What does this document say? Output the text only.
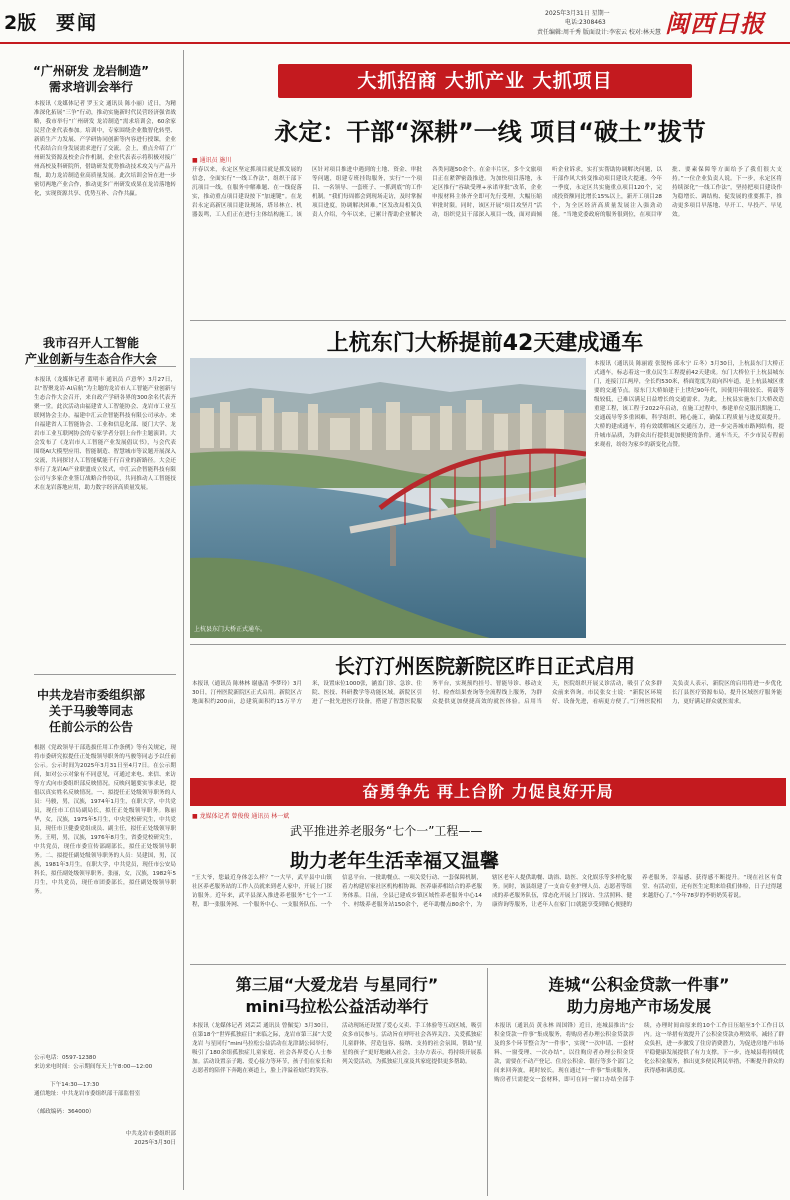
2版 要闻	2025年3月31日 星期一
电话:2308463
责任编辑:周千秀 版面设计:李宏云 校对:林天慧 闽西日报
“广州研发 龙岩制造”
需求培训会举行
本报讯（龙媒体记者 罗玉文 通讯员 陈小丽）近日，为精准深化拓展“三争”行动，推动实施新时代民营经济强省战略，我市举行“广州研发 龙岩制造”需求培训会，60余家民营企业代表参加。培训中，专家围绕企业数智化转型、新质生产力发展、产学研协同创新等内容进行授课，企业代表结合自身发展需求进行了交流。会上，重点介绍了广州研发资源及校企合作机制，企业代表表示将积极对接广州高校及科研院所，借助研发优势推动技术攻关与产品升级，助力龙岩制造业高质量发展。此次培训会旨在进一步密切两地产业合作，推动更多广州研发成果在龙岩落地转化，实现资源共享、优势互补、合作共赢。
我市召开人工智能
产业创新与生态合作大会
本报讯（龙媒体记者 蓝明丰 通讯员 卢意华）3月27日，以“智聚龙岩·AI启航”为主题的龙岩市人工智能产业创新与生态合作大会召开，来自政产学研各界的300余名代表齐聚一堂。此次活动由福建省人工智能协会、龙岩市工业互联网协会主办，福建中汇云企智能科技有限公司承办。来自福建省人工智能协会、工业和信息化部、厦门大学、龙岩市工业互联网协会的专家学者分别上台作主题演讲。大会发布了《龙岩市人工智能产业发展倡议书》，与会代表围绕AI大模型应用、智能制造、智慧城市等议题开展深入交流，共同探讨人工智能赋能千行百业的新路径。大会还举行了龙岩AI产业联盟成立仪式，中汇云企智能科技有限公司与多家企业签订战略合作协议，共同推动人工智能技术在龙岩落地应用，助力数字经济高质量发展。
中共龙岩市委组织部
关于马骏等同志
任前公示的公告
根据《党政领导干部选拔任用工作条例》等有关规定，现将市委研究拟提任正处级领导职务的马骏等同志予以任前公示。公示时间为2025年3月31日至4月7日。在公示期间，如对公示对象有不同意见，可通过来电、来信、来访等方式向市委组织部反映情况。反映问题要实事求是，提倡以真实姓名反映情况。一、拟提任正处级领导职务的人员：马骏，男，汉族，1974年1月生，在职大学，中共党员，现任市工信局副局长，拟任正处级领导职务。陈丽华，女，汉族，1975年5月生，中央党校研究生，中共党员，现任市卫健委党组成员、副主任，拟任正处级领导职务。王明，男，汉族，1976年8月生，省委党校研究生，中共党员，现任市委宣传部副部长，拟任正处级领导职务。二、拟提任副处级领导职务的人员：吴建国，男，汉族，1981年3月生，在职大学，中共党员，现任市公安局科长，拟任副处级领导职务。张丽，女，汉族，1982年5月生，中共党员，现任市团委部长，拟任副处级领导职务。
公示电话：0597-12380
来访来电时间：公示期间每天上午8:00—12:00
下午14:30—17:30
通信地址：中共龙岩市委组织部干部监督室
（邮政编码：364000）
中共龙岩市委组织部
2025年3月30日
大抓招商 大抓产业 大抓项目
永定：干部“深耕”一线 项目“破土”拔节
■ 通讯员 施川
开春以来，永定区坚定抓项目就是抓发展的信念，全面实行“一线工作法”，组织干部下沉项目一线，在服务中解难题、在一线促落实，推动重点项目建设按下“加速键”。在龙岩永定高新区项目建设现场，塔吊林立、机器轰鸣，工人们正在进行主体结构施工。该区针对项目推进中遇到的土地、资金、审批等问题，组建专班挂钩服务，实行“一个项目、一名领导、一套班子、一抓到底”的工作机制。“我们每周都会到现场走访，及时掌握项目进度，协调解决困难。”区发改局相关负责人介绍，今年以来，已累计帮助企业解决各类问题50余个。在金丰片区，多个文旅项目正在紧锣密鼓推进。为加快项目落地，永定区推行“容缺受理+承诺审批”改革，企业申报材料主体齐全即可先行受理，大幅压缩审批时限。同时，该区开展“项目攻坚月”活动，组织党员干部深入项目一线，面对面倾听企业诉求，实打实帮助协调解决问题，以干部作风大转变推动项目建设大提速。今年一季度，永定区共实施重点项目120个，完成投资额同比增长15%以上，新开工项目28个，为全区经济高质量发展注入强劲动能。“当地党委政府的服务很到位，在项目审批、要素保障等方面给予了我们很大支持。”一位企业负责人说。下一步，永定区将持续深化“一线工作法”，坚持把项目建设作为稳增长、调结构、促发展的重要抓手，推动更多项目早落地、早开工、早投产、早见效。
上杭东门大桥提前42天建成通车
上杭县东门大桥正式通车。
本报讯（通讯员 陈丽霞 张锐杨 邱永宁 丘冬）3月30日，上杭县东门大桥正式通车，标志着这一重点民生工程提前42天建成。东门大桥位于上杭县城东门，连接汀江两岸，全长约530米，桥面宽度为双向四车道，是上杭县城区重要的交通节点。原东门大桥始建于上世纪90年代，因使用年限较长、荷载等级较低，已难以满足日益增长的交通需求。为此，上杭县实施东门大桥改造重建工程，该工程于2022年启动，在施工过程中，参建单位克服汛期施工、交通疏导等多重困难，科学组织、精心施工，确保工程质量与进度双提升。大桥的建成通车，将有效缓解城区交通压力，进一步完善城市路网结构，提升城市品质，为群众出行提供更加便捷的条件。通车当天，不少市民专程前来观看，纷纷为家乡的新变化点赞。
长汀汀州医院新院区昨日正式启用
本报讯（通讯员 陈林林 谢惠清 李梦玲）3月30日，汀州医院新院区正式启用。新院区占地面积约200亩，总建筑面积约15万平方米，设置床位1000张，涵盖门诊、急诊、住院、医技、科研教学等功能区域。新院区引进了一批先进医疗设备，搭建了智慧医院服务平台，实现预约挂号、智能导诊、移动支付、检查结果查询等全流程线上服务，为群众提供更加便捷高效的就医体验。启用当天，医院组织开展义诊活动，吸引了众多群众前来咨询。市民张女士说：“新院区环境好、设备先进，看病更方便了。”汀州医院相关负责人表示，新院区的启用将进一步优化长汀县医疗资源布局，提升区域医疗服务能力，更好满足群众就医需求。
奋勇争先 再上台阶 力促良好开局
■ 龙媒体记者 曾俊俊 通讯员 林一斌
武平推进养老服务“七个一”工程——
助力老年生活幸福又温馨
“王大爷，您最近身体怎么样？”一大早，武平县中山镇社区养老服务站的工作人员就来到老人家中，开展上门探访服务。近年来，武平县深入推进养老服务“七个一”工程，即一张服务网、一个服务中心、一支服务队伍、一个信息平台、一批助餐点、一项关爱行动、一套保障机制，着力构建居家社区机构相协调、医养康养相结合的养老服务体系。目前，全县已建成乡镇区域性养老服务中心14个、村级养老服务站150余个，老年助餐点80余个，为辖区老年人提供助餐、助浴、助医、文化娱乐等多样化服务。同时，该县组建了一支由专业护理人员、志愿者等组成的养老服务队伍，常态化开展上门探访、生活照料、健康咨询等服务，让老年人在家门口就能享受到贴心便捷的养老服务，幸福感、获得感不断提升。“现在社区有食堂、有活动室，还有医生定期来给我们体检，日子过得越来越舒心了。”今年78岁的李奶奶笑着说。
第三届“大爱龙岩 与星同行”
mini马拉松公益活动举行
本报讯（龙媒体记者 刘芸芸 通讯员 曾佩雯）3月30日，在第18个“世界孤独症日”来临之际，龙岩市第三届“大爱龙岩 与星同行”mini马拉松公益活动在龙津湖公园举行，吸引了180余组孤独症儿童家庭、社会各界爱心人士参加。活动设置亲子跑、爱心接力等环节，孩子们在家长和志愿者的陪伴下奔跑在赛道上，脸上洋溢着灿烂的笑容。活动现场还设置了爱心义卖、手工体验等互动区域，吸引众多市民参与。活动旨在呼吁社会各界关注、关爱孤独症儿童群体，营造包容、接纳、支持的社会氛围，帮助“星星的孩子”更好地融入社会。主办方表示，将持续开展系列关爱活动，为孤独症儿童及其家庭提供更多帮助。
连城“公积金贷款一件事”
助力房地产市场发展
本报讯（通讯员 黄永林 周国锋）近日，连城县推出“公积金贷款一件事”集成服务，将购房者办理公积金贷款涉及的多个环节整合为“一件事”，实现“一次申请、一套材料、一窗受理、一次办结”。以往购房者办理公积金贷款，需要在不动产登记、住房公积金、银行等多个部门之间来回奔波，耗时较长。现在通过“一件事”集成服务，购房者只需提交一套材料，即可在同一窗口办结全部手续，办理时间由原来的10个工作日压缩至3个工作日以内。这一举措有效提升了公积金贷款办理效率，减轻了群众负担，进一步激发了住房消费潜力，为促进房地产市场平稳健康发展提供了有力支撑。下一步，连城县将持续优化公积金服务，推出更多便民利民举措，不断提升群众的获得感和满意度。
